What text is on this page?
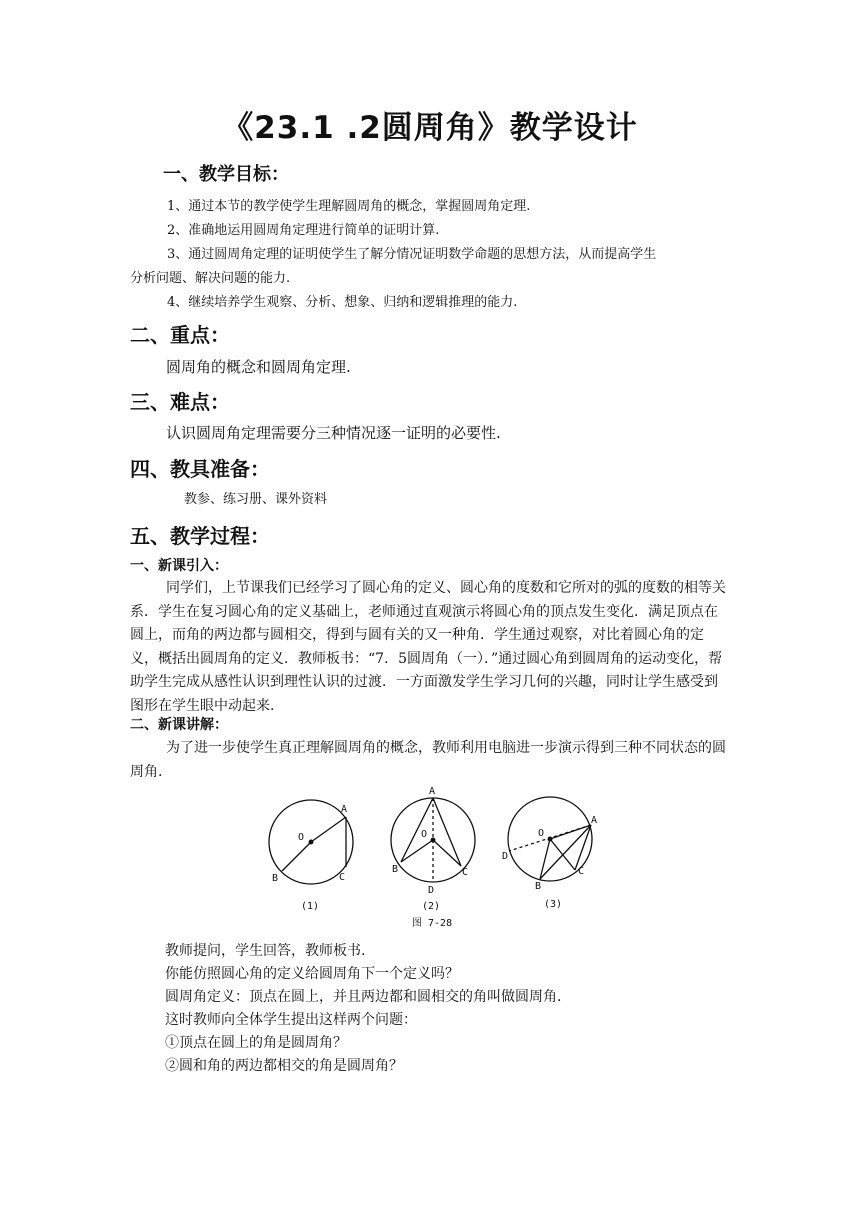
《23.1 .2圆周角》教学设计
一、教学目标：

1、通过本节的教学使学生理解圆周角的概念，掌握圆周角定理.

2、准确地运用圆周角定理进行简单的证明计算.

3、通过圆周角定理的证明使学生了解分情况证明数学命题的思想方法，从而提高学生

分析问题、解决问题的能力.

4、继续培养学生观察、分析、想象、归纳和逻辑推理的能力.

二、重点：

圆周角的概念和圆周角定理.

三、难点：

认识圆周角定理需要分三种情况逐一证明的必要性.

四、教具准备：

教参、练习册、课外资料

五、教学过程：
一、新课引入：

同学们，上节课我们已经学习了圆心角的定义、圆心角的度数和它所对的弧的度数的相等关系．学生在复习圆心角的定义基础上，老师通过直观演示将圆心角的顶点发生变化．满足顶点在圆上，而角的两边都与圆相交，得到与圆有关的又一种角．学生通过观察，对比着圆心角的定义，概括出圆周角的定义．教师板书：“7．5圆周角（一）．”通过圆心角到圆周角的运动变化，帮助学生完成从感性认识到理性认识的过渡．一方面激发学生学习几何的兴趣，同时让学生感受到图形在学生眼中动起来.

二、新课讲解：

为了进一步使学生真正理解圆周角的概念，教师利用电脑进一步演示得到三种不同状态的圆周角.

O
A
B	C
(1)
A
O
B	C
D
(2)
O
A
B
C
D
(3)
图 7-28

教师提问，学生回答，教师板书.

你能仿照圆心角的定义给圆周角下一个定义吗？

圆周角定义：顶点在圆上，并且两边都和圆相交的角叫做圆周角.

这时教师向全体学生提出这样两个问题：

①顶点在圆上的角是圆周角？

②圆和角的两边都相交的角是圆周角？
